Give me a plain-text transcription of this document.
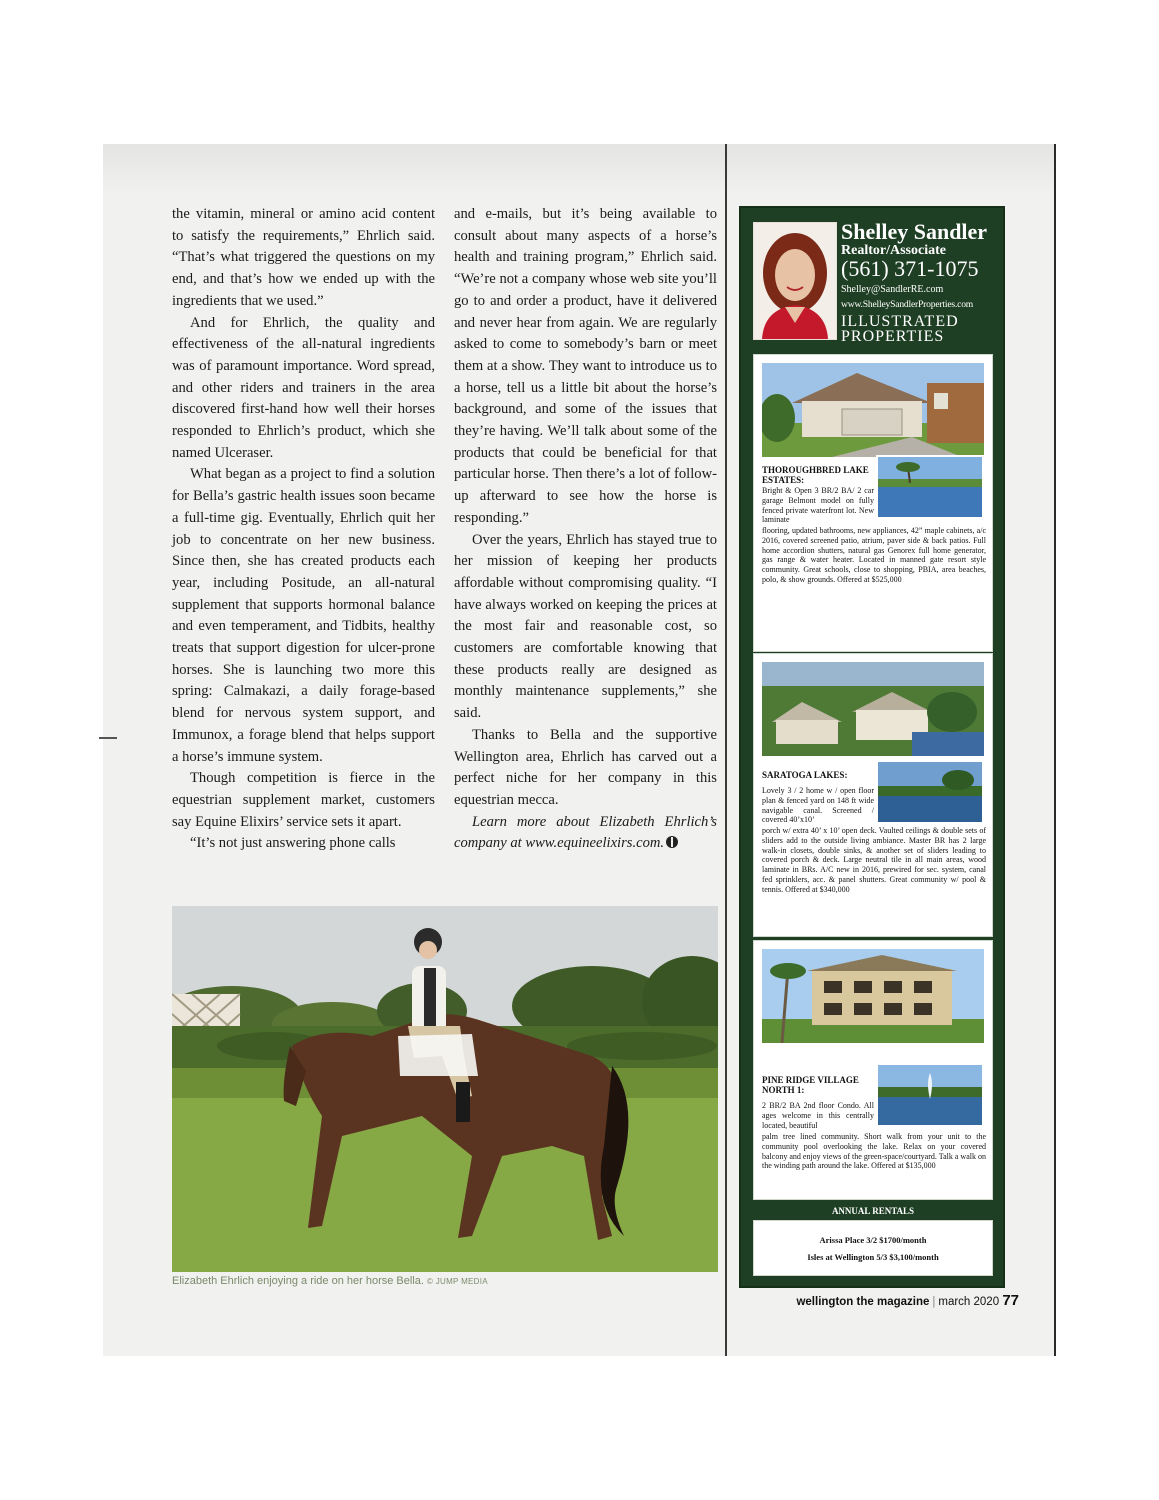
the vitamin, mineral or amino acid content to satisfy the requirements,” Ehrlich said. “That’s what triggered the questions on my end, and that’s how we ended up with the ingredients that we used.”

And for Ehrlich, the quality and effectiveness of the all-natural ingredients was of paramount importance. Word spread, and other riders and trainers in the area discovered first-hand how well their horses responded to Ehrlich’s product, which she named Ulceraser.

What began as a project to find a solution for Bella’s gastric health issues soon became a full-time gig. Eventually, Ehrlich quit her job to concentrate on her new business. Since then, she has created products each year, including Positude, an all-natural supplement that supports hormonal balance and even temperament, and Tidbits, healthy treats that support digestion for ulcer-prone horses. She is launching two more this spring: Calmakazi, a daily forage-based blend for nervous system support, and Immunox, a forage blend that helps support a horse’s immune system.

Though competition is fierce in the equestrian supplement market, customers say Equine Elixirs’ service sets it apart.

“It’s not just answering phone calls

and e-mails, but it’s being available to consult about many aspects of a horse’s health and training program,” Ehrlich said. “We’re not a company whose web site you’ll go to and order a product, have it delivered and never hear from again. We are regularly asked to come to somebody’s barn or meet them at a show. They want to introduce us to a horse, tell us a little bit about the horse’s background, and some of the issues that they’re having. We’ll talk about some of the products that could be beneficial for that particular horse. Then there’s a lot of follow-up afterward to see how the horse is responding.”

Over the years, Ehrlich has stayed true to her mission of keeping her products affordable without compromising quality. “I have always worked on keeping the prices at the most fair and reasonable cost, so customers are comfortable knowing that these products really are designed as monthly maintenance supplements,” she said.

Thanks to Bella and the supportive Wellington area, Ehrlich has carved out a perfect niche for her company in this equestrian mecca.

Learn more about Elizabeth Ehrlich’s company at www.equineelixirs.com.

Elizabeth Ehrlich enjoying a ride on her horse Bella. © JUMP MEDIA
Shelley Sandler
Realtor/Associate
(561) 371-1075
Shelley@SandlerRE.com
www.ShelleySandlerProperties.com
ILLUSTRATED
PROPERTIES
THOROUGHBRED LAKE ESTATES:

Bright & Open 3 BR/2 BA/ 2 car garage Belmont model on fully fenced private waterfront lot. New laminate

flooring, updated bathrooms, new appliances, 42” maple cabinets, a/c 2016, covered screened patio, atrium, paver side & back patios. Full home accordion shutters, natural gas Genorex full home generator, gas range & water heater. Located in manned gate resort style community. Great schools, close to shopping, PBIA, area beaches, polo, & show grounds. Offered at $525,000

SARATOGA LAKES:

Lovely 3 / 2 home w / open floor plan & fenced yard on 148 ft wide navigable canal. Screened / covered 40’x10’

porch w/ extra 40’ x 10’ open deck. Vaulted ceilings & double sets of sliders add to the outside living ambiance. Master BR has 2 large walk-in closets, double sinks, & another set of sliders leading to covered porch & deck. Large neutral tile in all main areas, wood laminate in BRs. A/C new in 2016, prewired for sec. system, canal fed sprinklers, acc. & panel shutters. Great community w/ pool & tennis. Offered at $340,000

PINE RIDGE VILLAGE NORTH 1:

2 BR/2 BA 2nd floor Condo. All ages welcome in this centrally located, beautiful

palm tree lined community. Short walk from your unit to the community pool overlooking the lake. Relax on your covered balcony and enjoy views of the green-space/courtyard. Talk a walk on the winding path around the lake. Offered at $135,000

ANNUAL RENTALS
Arissa Place 3/2 $1700/month
Isles at Wellington 5/3 $3,100/month
wellington the magazine | march 2020 77
